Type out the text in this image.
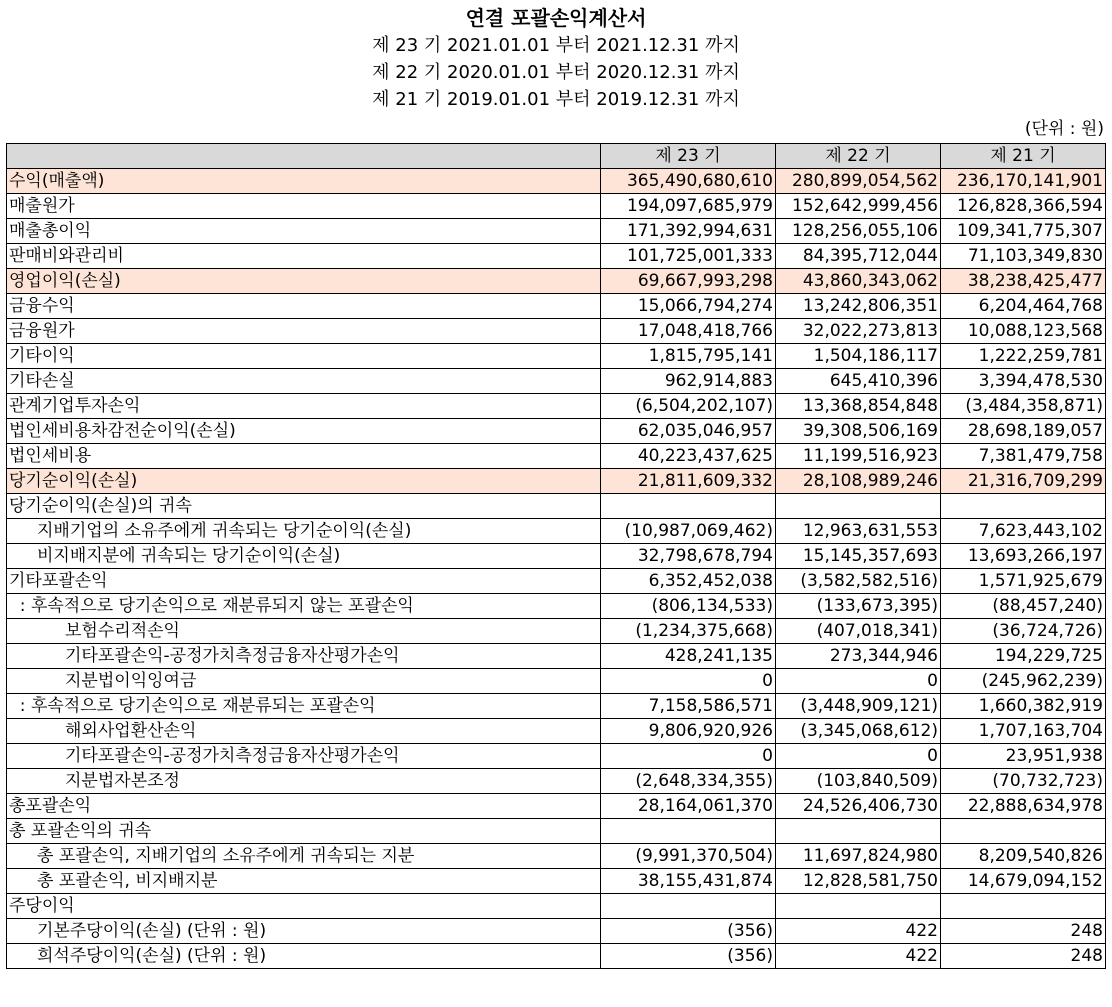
연결 포괄손익계산서
제 23 기 2021.01.01 부터 2021.12.31 까지
제 22 기 2020.01.01 부터 2020.12.31 까지
제 21 기 2019.01.01 부터 2019.12.31 까지
(단위 : 원)
	제 23 기	제 22 기	제 21 기
수익(매출액)	365,490,680,610	280,899,054,562	236,170,141,901
매출원가	194,097,685,979	152,642,999,456	126,828,366,594
매출총이익	171,392,994,631	128,256,055,106	109,341,775,307
판매비와관리비	101,725,001,333	84,395,712,044	71,103,349,830
영업이익(손실)	69,667,993,298	43,860,343,062	38,238,425,477
금융수익	15,066,794,274	13,242,806,351	6,204,464,768
금융원가	17,048,418,766	32,022,273,813	10,088,123,568
기타이익	1,815,795,141	1,504,186,117	1,222,259,781
기타손실	962,914,883	645,410,396	3,394,478,530
관계기업투자손익	(6,504,202,107)	13,368,854,848	(3,484,358,871)
법인세비용차감전순이익(손실)	62,035,046,957	39,308,506,169	28,698,189,057
법인세비용	40,223,437,625	11,199,516,923	7,381,479,758
당기순이익(손실)	21,811,609,332	28,108,989,246	21,316,709,299
당기순이익(손실)의 귀속			
지배기업의 소유주에게 귀속되는 당기순이익(손실)	(10,987,069,462)	12,963,631,553	7,623,443,102
비지배지분에 귀속되는 당기순이익(손실)	32,798,678,794	15,145,357,693	13,693,266,197
기타포괄손익	6,352,452,038	(3,582,582,516)	1,571,925,679
: 후속적으로 당기손익으로 재분류되지 않는 포괄손익	(806,134,533)	(133,673,395)	(88,457,240)
보험수리적손익	(1,234,375,668)	(407,018,341)	(36,724,726)
기타포괄손익-공정가치측정금융자산평가손익	428,241,135	273,344,946	194,229,725
지분법이익잉여금	0	0	(245,962,239)
: 후속적으로 당기손익으로 재분류되는 포괄손익	7,158,586,571	(3,448,909,121)	1,660,382,919
해외사업환산손익	9,806,920,926	(3,345,068,612)	1,707,163,704
기타포괄손익-공정가치측정금융자산평가손익	0	0	23,951,938
지분법자본조정	(2,648,334,355)	(103,840,509)	(70,732,723)
총포괄손익	28,164,061,370	24,526,406,730	22,888,634,978
총 포괄손익의 귀속			
총 포괄손익, 지배기업의 소유주에게 귀속되는 지분	(9,991,370,504)	11,697,824,980	8,209,540,826
총 포괄손익, 비지배지분	38,155,431,874	12,828,581,750	14,679,094,152
주당이익			
기본주당이익(손실) (단위 : 원)	(356)	422	248
희석주당이익(손실) (단위 : 원)	(356)	422	248
